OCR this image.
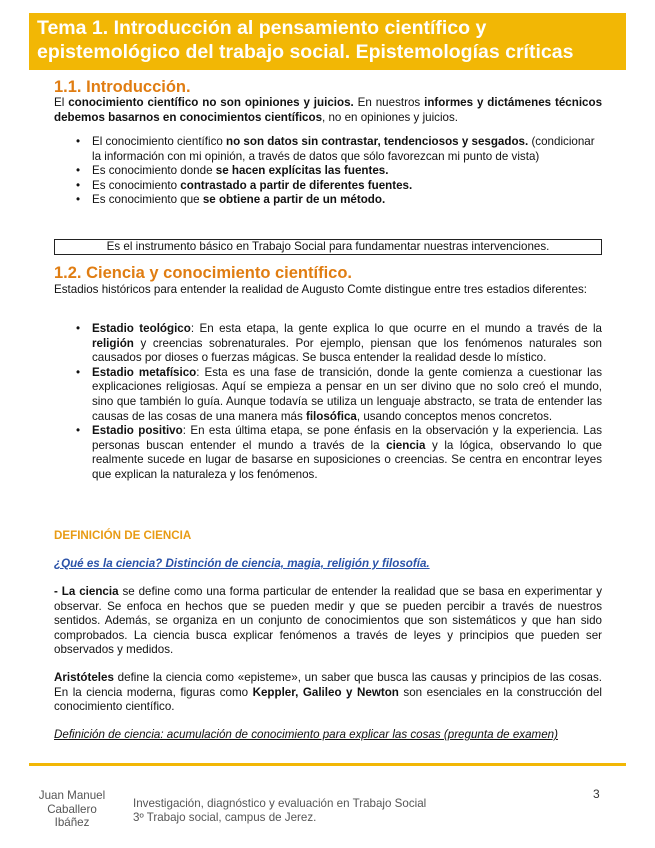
Tema 1. Introducción al pensamiento científico y
epistemológico del trabajo social. Epistemologías críticas
1.1. Introducción.

El conocimiento científico no son opiniones y juicios. En nuestros informes y dictámenes técnicos debemos basarnos en conocimientos científicos, no en opiniones y juicios.

• El conocimiento científico no son datos sin contrastar, tendenciosos y sesgados. (condicionar la información con mi opinión, a través de datos que sólo favorezcan mi punto de vista)
• Es conocimiento donde se hacen explícitas las fuentes.
• Es conocimiento contrastado a partir de diferentes fuentes.
• Es conocimiento que se obtiene a partir de un método.
Es el instrumento básico en Trabajo Social para fundamentar nuestras intervenciones.
1.2. Ciencia y conocimiento científico.

Estadios históricos para entender la realidad de Augusto Comte distingue entre tres estadios diferentes:

• Estadio teológico: En esta etapa, la gente explica lo que ocurre en el mundo a través de la religión y creencias sobrenaturales. Por ejemplo, piensan que los fenómenos naturales son causados por dioses o fuerzas mágicas. Se busca entender la realidad desde lo místico.
• Estadio metafísico: Esta es una fase de transición, donde la gente comienza a cuestionar las explicaciones religiosas. Aquí se empieza a pensar en un ser divino que no solo creó el mundo, sino que también lo guía. Aunque todavía se utiliza un lenguaje abstracto, se trata de entender las causas de las cosas de una manera más filosófica, usando conceptos menos concretos.
• Estadio positivo: En esta última etapa, se pone énfasis en la observación y la experiencia. Las personas buscan entender el mundo a través de la ciencia y la lógica, observando lo que realmente sucede en lugar de basarse en suposiciones o creencias. Se centra en encontrar leyes que explican la naturaleza y los fenómenos.
DEFINICIÓN DE CIENCIA
¿Qué es la ciencia? Distinción de ciencia, magia, religión y filosofía.

- La ciencia se define como una forma particular de entender la realidad que se basa en experimentar y observar. Se enfoca en hechos que se pueden medir y que se pueden percibir a través de nuestros sentidos. Además, se organiza en un conjunto de conocimientos que son sistemáticos y que han sido comprobados. La ciencia busca explicar fenómenos a través de leyes y principios que pueden ser observados y medidos.

Aristóteles define la ciencia como «episteme», un saber que busca las causas y principios de las cosas. En la ciencia moderna, figuras como Keppler, Galileo y Newton son esenciales en la construcción del conocimiento científico.

Definición de ciencia: acumulación de conocimiento para explicar las cosas (pregunta de examen)
3
Juan Manuel
Caballero
Ibáñez
Investigación, diagnóstico y evaluación en Trabajo Social
3º Trabajo social, campus de Jerez.
